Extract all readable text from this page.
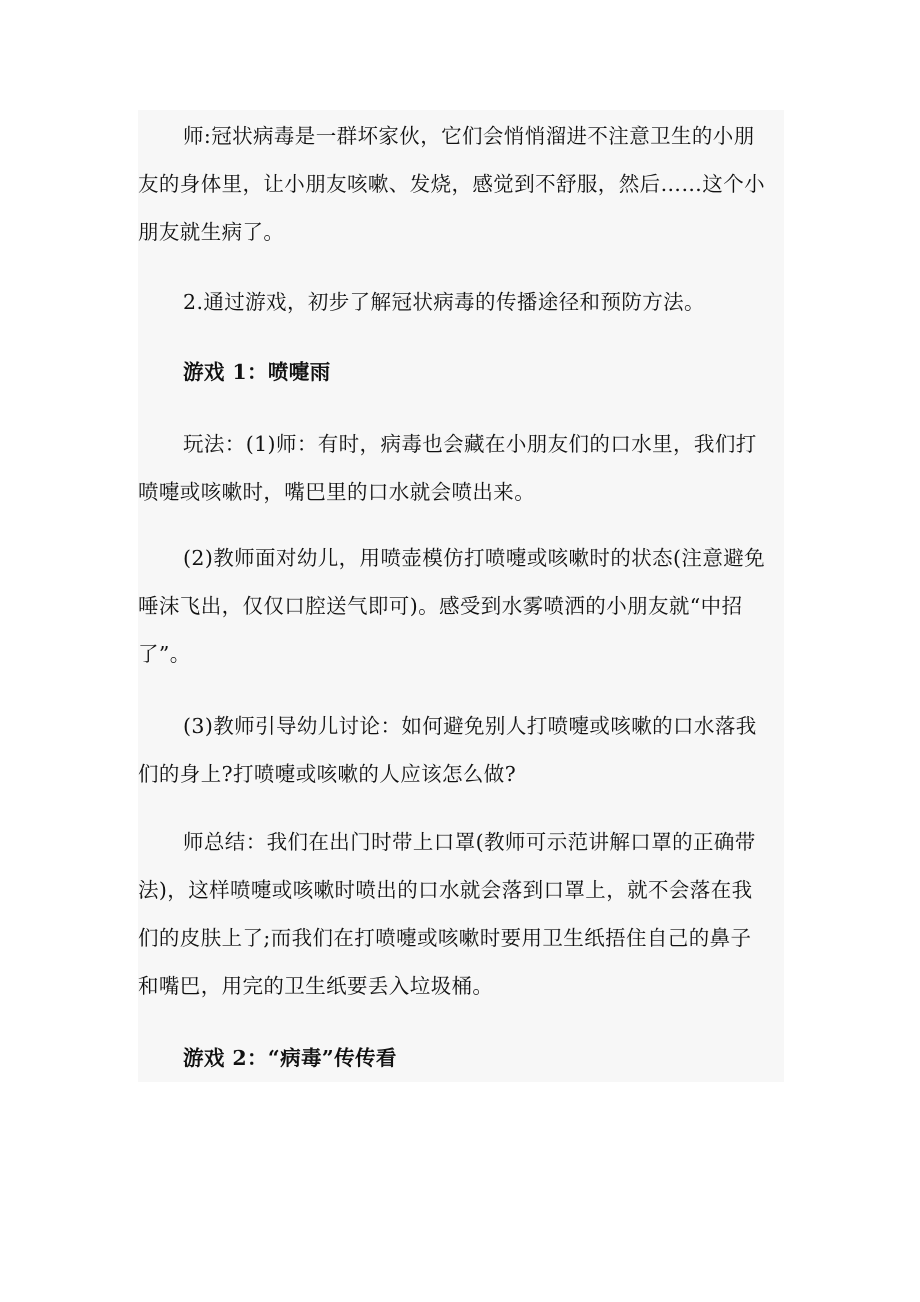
师:冠状病毒是一群坏家伙，它们会悄悄溜进不注意卫生的小朋
友的身体里，让小朋友咳嗽、发烧，感觉到不舒服，然后……这个小
朋友就生病了。

2.通过游戏，初步了解冠状病毒的传播途径和预防方法。

游戏 1：喷嚏雨

玩法：(1)师：有时，病毒也会藏在小朋友们的口水里，我们打
喷嚏或咳嗽时，嘴巴里的口水就会喷出来。

(2)教师面对幼儿，用喷壶模仿打喷嚏或咳嗽时的状态(注意避免
唾沫飞出，仅仅口腔送气即可)。感受到水雾喷洒的小朋友就“中招
了”。

(3)教师引导幼儿讨论：如何避免别人打喷嚏或咳嗽的口水落我
们的身上?打喷嚏或咳嗽的人应该怎么做?

师总结：我们在出门时带上口罩(教师可示范讲解口罩的正确带
法)，这样喷嚏或咳嗽时喷出的口水就会落到口罩上，就不会落在我
们的皮肤上了;而我们在打喷嚏或咳嗽时要用卫生纸捂住自己的鼻子
和嘴巴，用完的卫生纸要丢入垃圾桶。

游戏 2：“病毒”传传看
